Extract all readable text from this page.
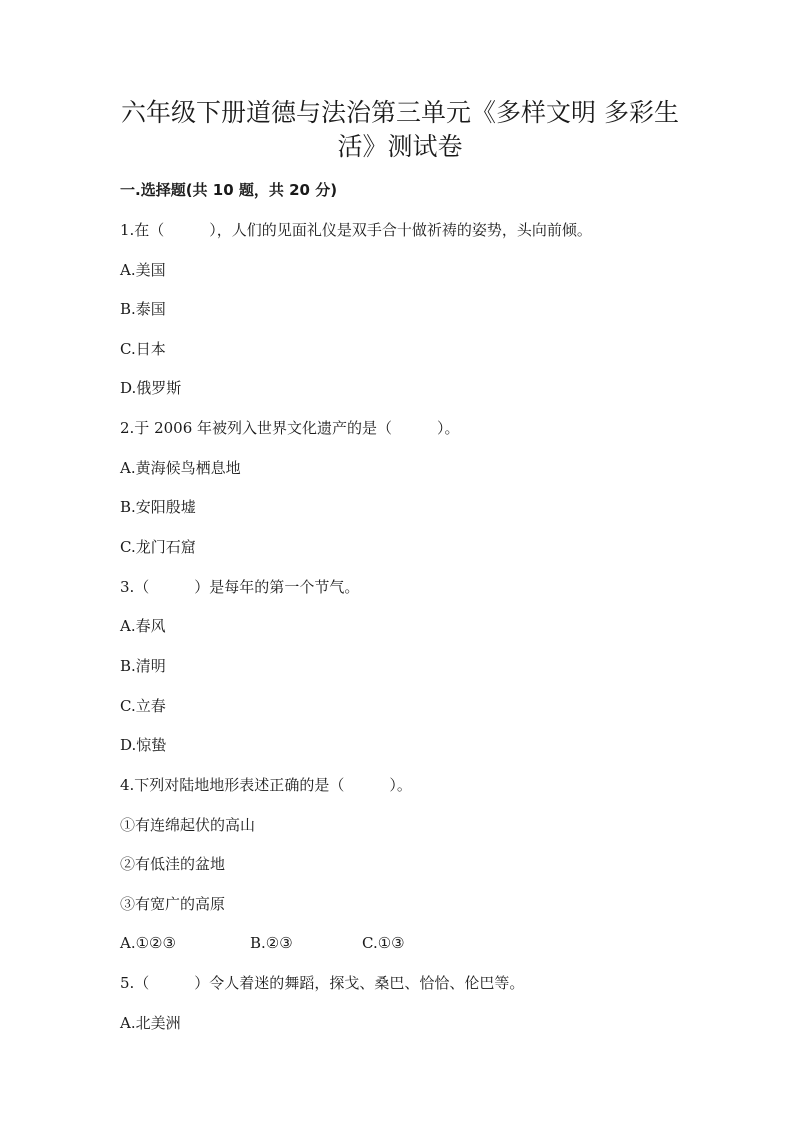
六年级下册道德与法治第三单元《多样文明 多彩生
活》测试卷
一.选择题(共 10 题，共 20 分)
1.在（　　　），人们的见面礼仪是双手合十做祈祷的姿势，头向前倾。
A.美国
B.泰国
C.日本
D.俄罗斯
2.于 2006 年被列入世界文化遗产的是（　　　）。
A.黄海候鸟栖息地
B.安阳殷墟
C.龙门石窟
3.（　　　）是每年的第一个节气。
A.春风
B.清明
C.立春
D.惊蛰
4.下列对陆地地形表述正确的是（　　　）。
①有连绵起伏的高山
②有低洼的盆地
③有宽广的高原
A.①②③	B.②③	C.①③
5.（　　　）令人着迷的舞蹈，探戈、桑巴、恰恰、伦巴等。
A.北美洲
